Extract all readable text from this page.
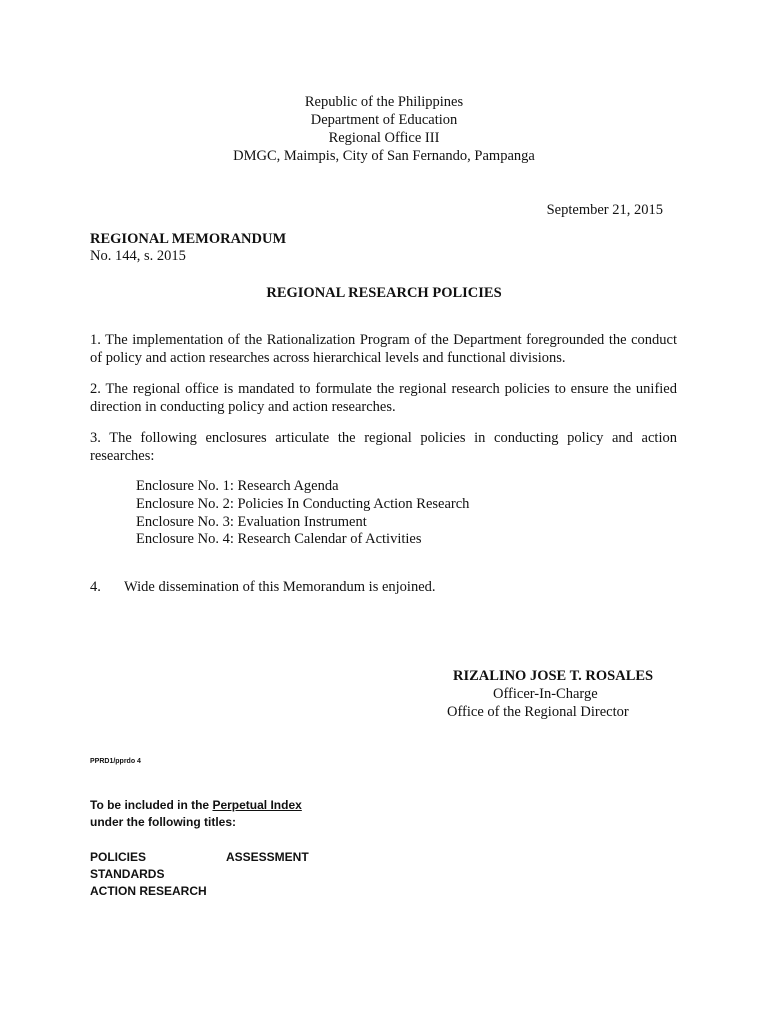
Republic of the Philippines
Department of Education
Regional Office III
DMGC, Maimpis, City of San Fernando, Pampanga
September 21, 2015
REGIONAL MEMORANDUM
No. 144, s. 2015
REGIONAL RESEARCH POLICIES
1. The implementation of the Rationalization Program of the Department foregrounded the conduct of policy and action researches across hierarchical levels and functional divisions.
2. The regional office is mandated to formulate the regional research policies to ensure the unified direction in conducting policy and action researches.
3. The following enclosures articulate the regional policies in conducting policy and action researches:
Enclosure No. 1: Research Agenda
Enclosure No. 2: Policies In Conducting Action Research
Enclosure No. 3: Evaluation Instrument
Enclosure No. 4: Research Calendar of Activities
4. Wide dissemination of this Memorandum is enjoined.
RIZALINO JOSE T. ROSALES
Officer-In-Charge
Office of the Regional Director
PPRD1/pprdo 4
To be included in the Perpetual Index
under the following titles:
POLICIES
STANDARDS
ACTION RESEARCH
ASSESSMENT
